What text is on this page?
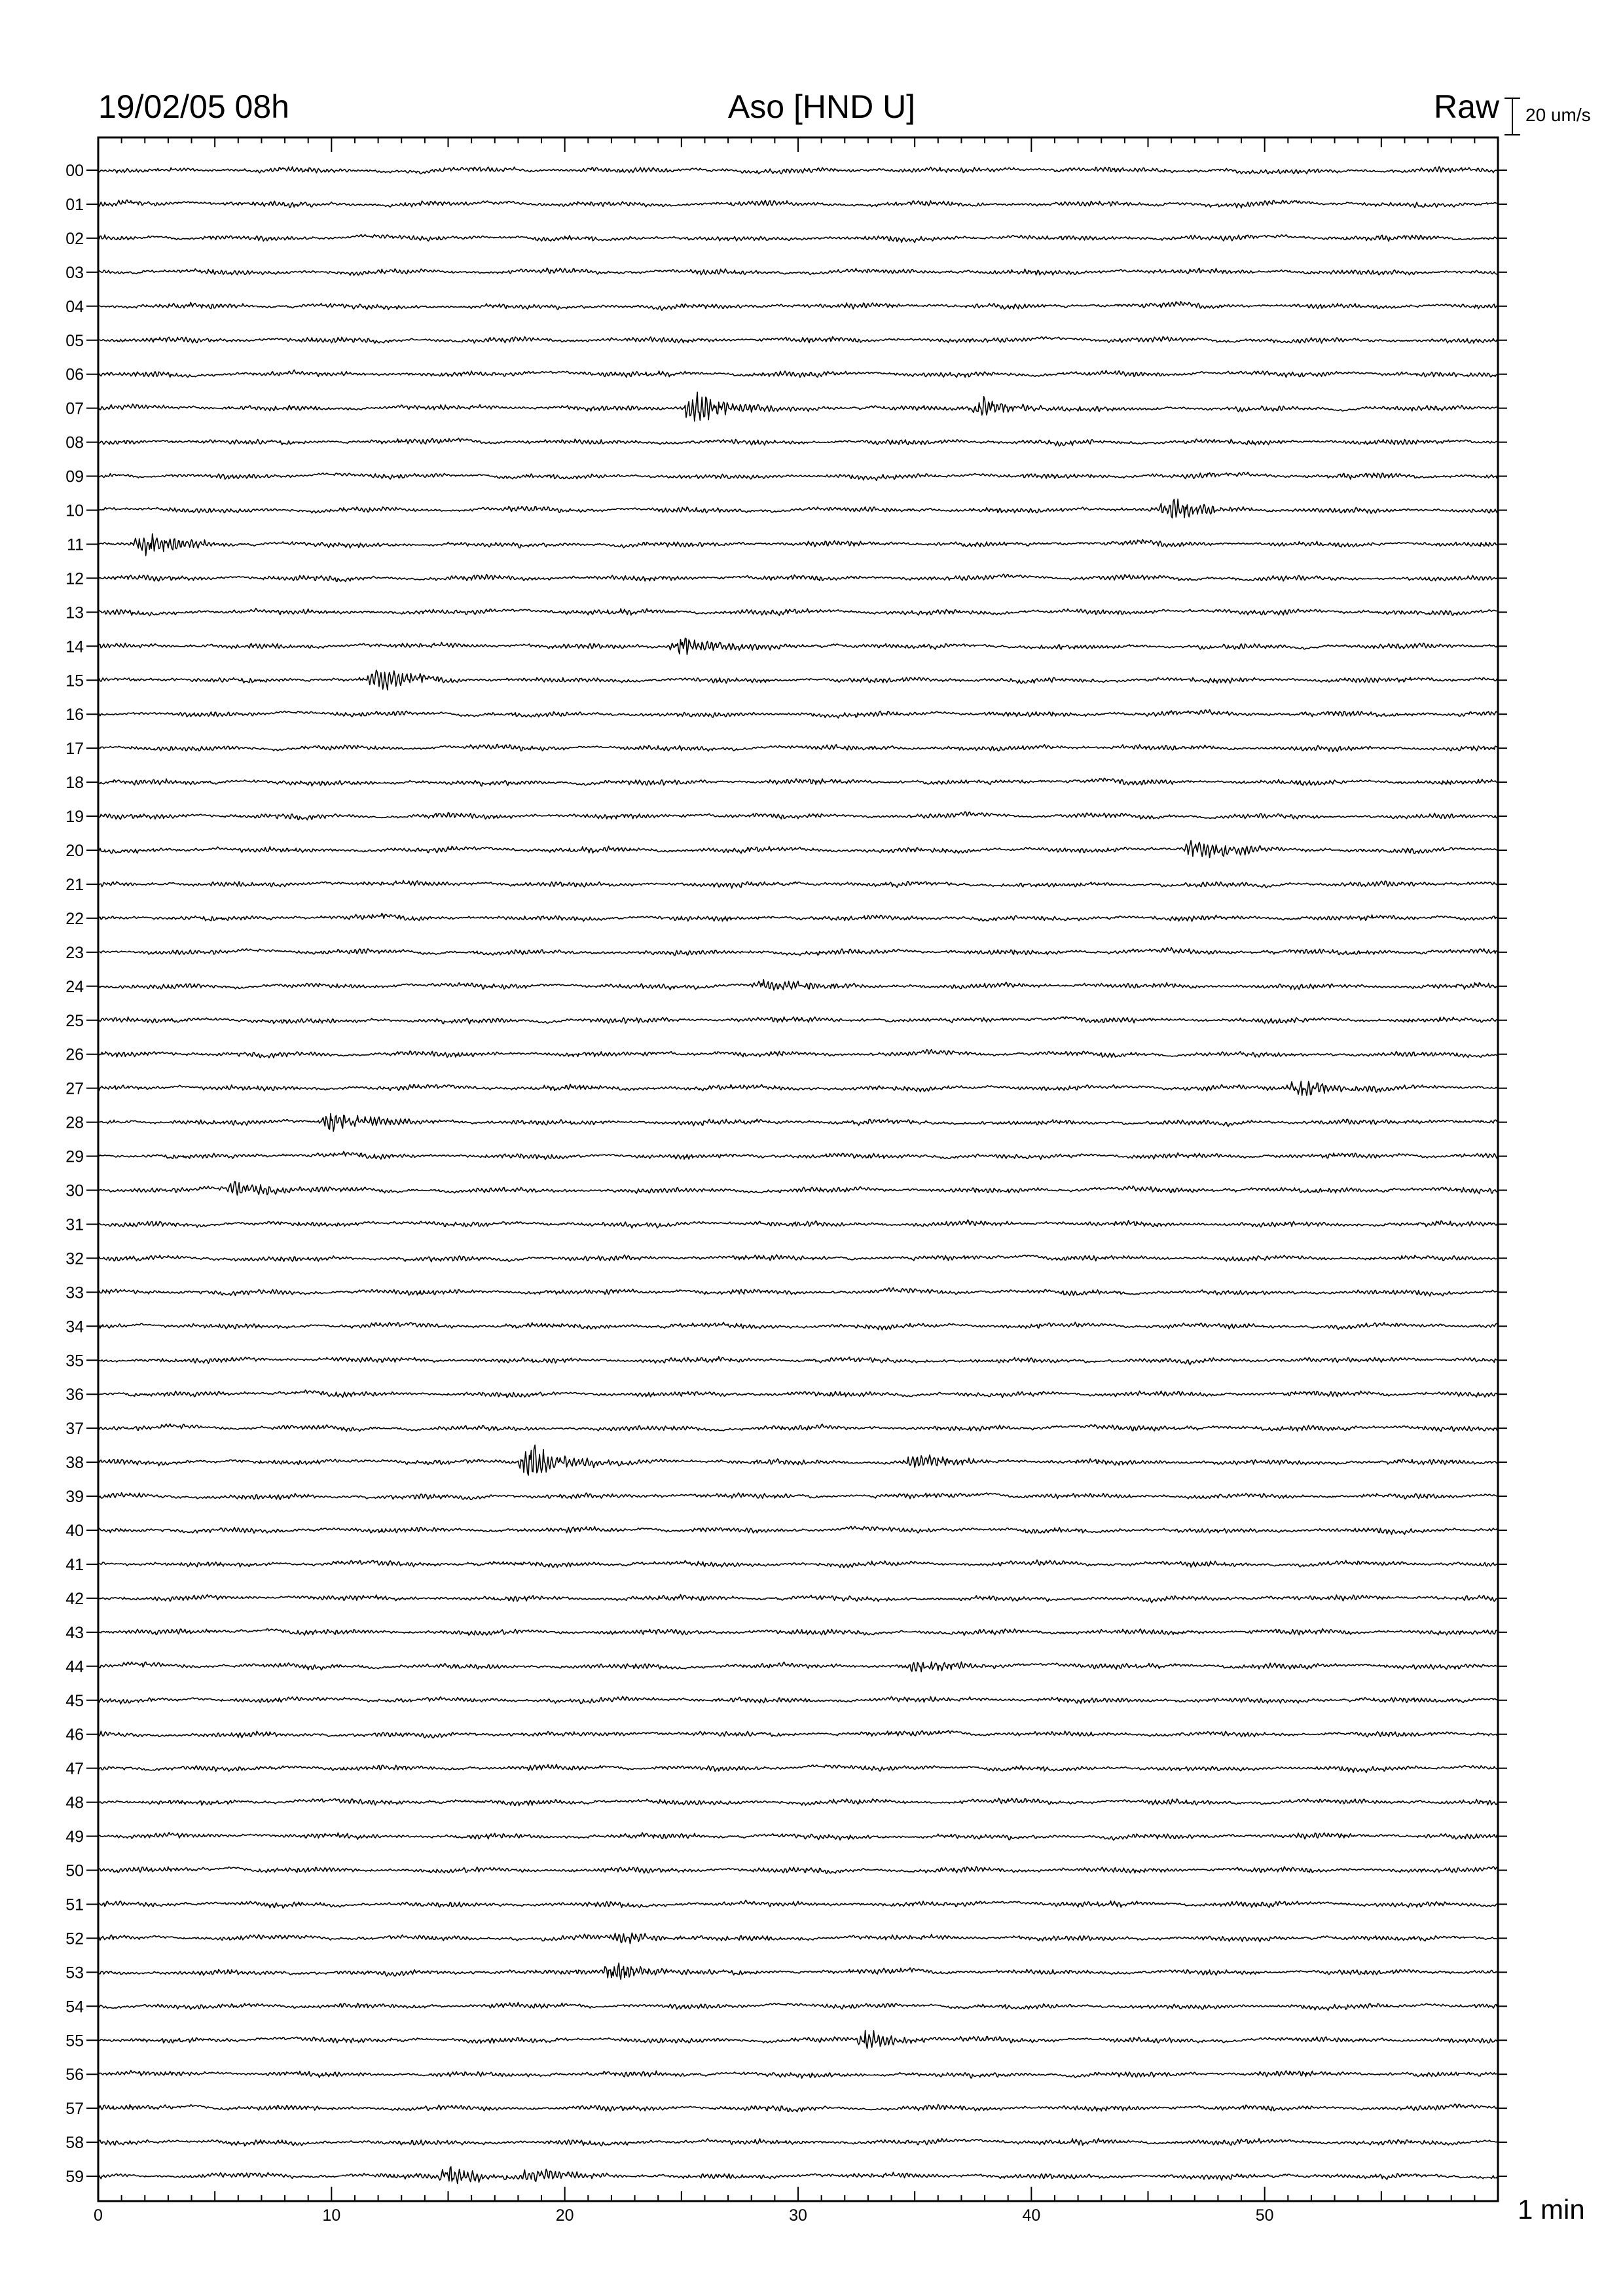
19/02/05 08h	Aso [HND U]	Raw 20 um/s
1 min
00
01
02
03
04
05
06
07
08
09
10
11
12
13
14
15
16
17
18
19
20
21
22
23
24
25
26
27
28
29
30
31
32
33
34
35
36
37
38
39
40
41
42
43
44
45
46
47
48
49
50
51
52
53
54
55
56
57
58
59
0	10	20	30	40	50
